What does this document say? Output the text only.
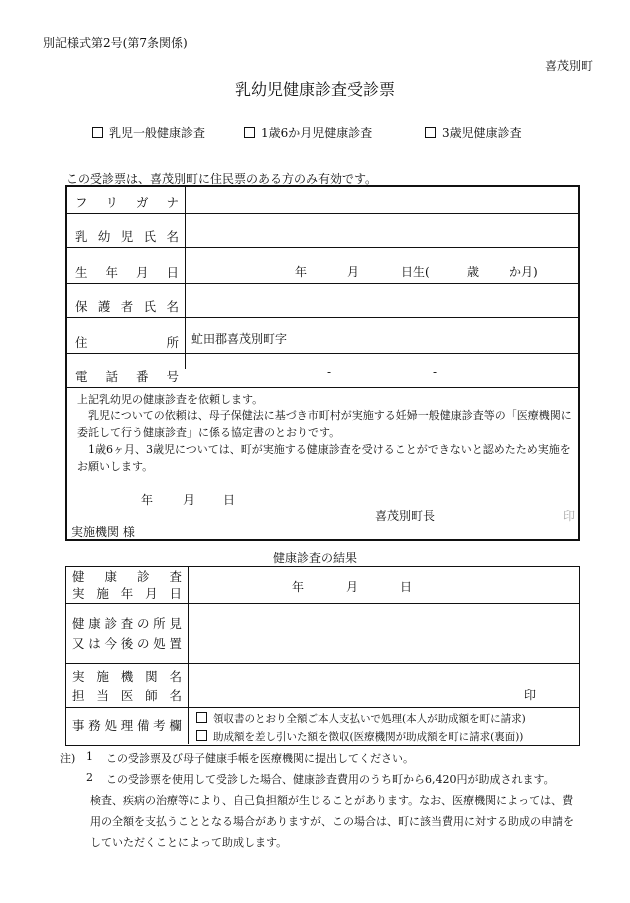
別記様式第2号(第7条関係)
喜茂別町
乳幼児健康診査受診票
乳児一般健康診査	1歳6か月児健康診査	3歳児健康診査
この受診票は、喜茂別町に住民票のある方のみ有効です。
フ リ ガ ナ
乳 幼 児 氏 名
生 年 月 日	年	月	日生(	歳 か月)
保 護 者 氏 名
住	所 虻田郡喜茂別町字
電 話 番 号	-	-
上記乳幼児の健康診査を依頼します。
乳児についての依頼は、母子保健法に基づき市町村が実施する妊婦一般健康診査等の「医療機関に委託して行う健康診査」に係る協定書のとおりです。
1歳6ヶ月、3歳児については、町が実施する健康診査を受けることができないと認めたため実施をお願いします。
年 月 日
喜茂別町長	印
実施機関 様
健康診査の結果
健 康 診 査
実 施 年 月 日	年	月	日
健 康 診 査 の 所 見
又 は 今 後 の 処 置
実 施 機 関 名
担 当 医 師 名	印
事 務 処 理 備 考 欄	領収書のとおり全額ご本人支払いで処理(本人が助成額を町に請求)
助成額を差し引いた額を徴収(医療機関が助成額を町に請求(裏面))
注) 1 この受診票及び母子健康手帳を医療機関に提出してください。
2 この受診票を使用して受診した場合、健康診査費用のうち町から6,420円が助成されます。
検査、疾病の治療等により、自己負担額が生じることがあります。なお、医療機関によっては、費
用の全額を支払うこととなる場合がありますが、この場合は、町に該当費用に対する助成の申請を
していただくことによって助成します。
